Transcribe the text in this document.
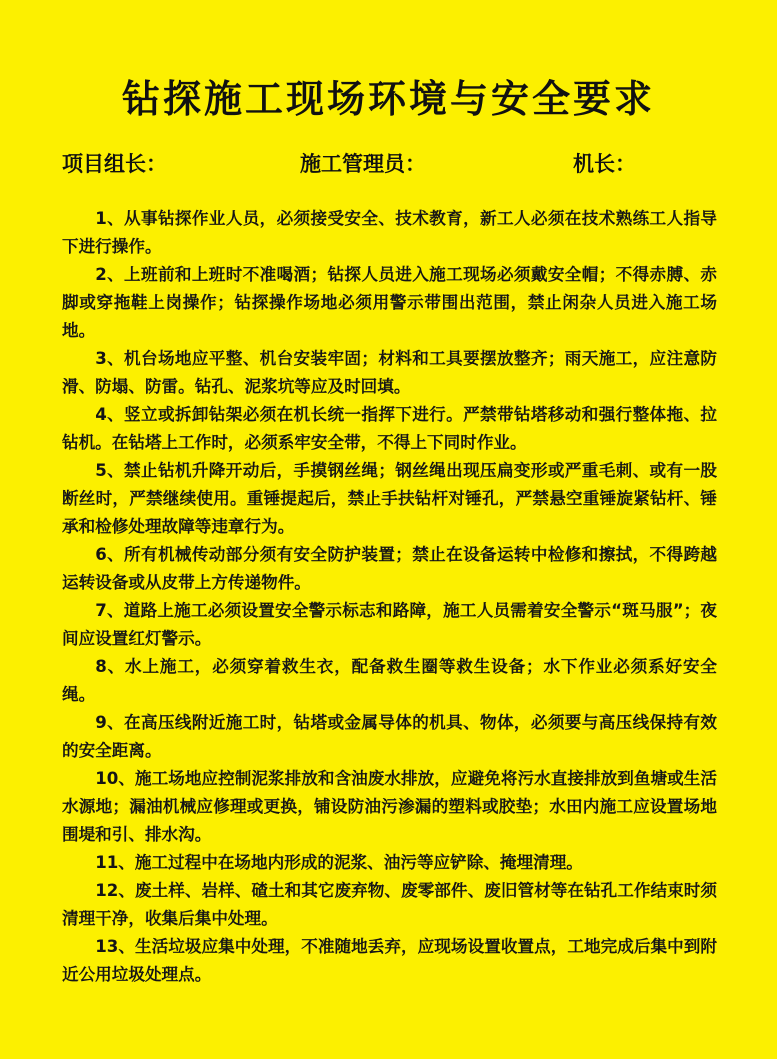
钻探施工现场环境与安全要求
项目组长：	施工管理员：	机长：
1、从事钻探作业人员，必须接受安全、技术教育，新工人必须在技术熟练工人指导下进行操作。
2、上班前和上班时不准喝酒；钻探人员进入施工现场必须戴安全帽；不得赤膊、赤脚或穿拖鞋上岗操作；钻探操作场地必须用警示带围出范围，禁止闲杂人员进入施工场地。
3、机台场地应平整、机台安装牢固；材料和工具要摆放整齐；雨天施工，应注意防滑、防塌、防雷。钻孔、泥浆坑等应及时回填。
4、竖立或拆卸钻架必须在机长统一指挥下进行。严禁带钻塔移动和强行整体拖、拉钻机。在钻塔上工作时，必须系牢安全带，不得上下同时作业。
5、禁止钻机升降开动后，手摸钢丝绳；钢丝绳出现压扁变形或严重毛刺、或有一股断丝时，严禁继续使用。重锤提起后，禁止手扶钻杆对锤孔，严禁悬空重锤旋紧钻杆、锤承和检修处理故障等违章行为。
6、所有机械传动部分须有安全防护装置；禁止在设备运转中检修和擦拭，不得跨越运转设备或从皮带上方传递物件。
7、道路上施工必须设置安全警示标志和路障，施工人员需着安全警示“斑马服”；夜间应设置红灯警示。
8、水上施工，必须穿着救生衣，配备救生圈等救生设备；水下作业必须系好安全绳。
9、在高压线附近施工时，钻塔或金属导体的机具、物体，必须要与高压线保持有效的安全距离。
10、施工场地应控制泥浆排放和含油废水排放，应避免将污水直接排放到鱼塘或生活水源地；漏油机械应修理或更换，铺设防油污渗漏的塑料或胶垫；水田内施工应设置场地围堤和引、排水沟。
11、施工过程中在场地内形成的泥浆、油污等应铲除、掩埋清理。
12、废土样、岩样、碴土和其它废弃物、废零部件、废旧管材等在钻孔工作结束时须清理干净，收集后集中处理。
13、生活垃圾应集中处理，不准随地丢弃，应现场设置收置点，工地完成后集中到附近公用垃圾处理点。
